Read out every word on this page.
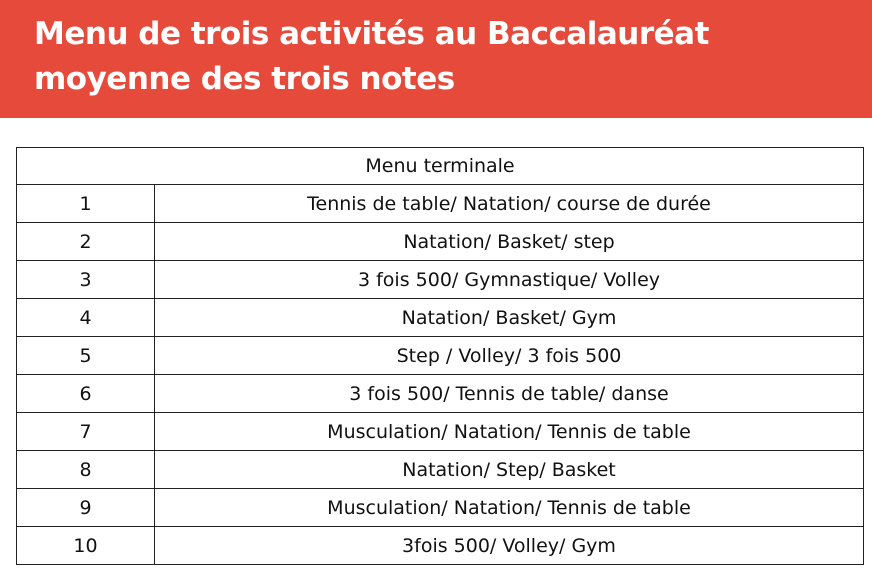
Menu de trois activités au Baccalauréat
moyenne des trois notes
Menu terminale	
1	Tennis de table/ Natation/ course de durée
2	Natation/ Basket/ step
3	3 fois 500/ Gymnastique/ Volley
4	Natation/ Basket/ Gym
5	Step / Volley/ 3 fois 500
6	3 fois 500/ Tennis de table/ danse
7	Musculation/ Natation/ Tennis de table
8	Natation/ Step/ Basket
9	Musculation/ Natation/ Tennis de table
10	3fois 500/ Volley/ Gym
